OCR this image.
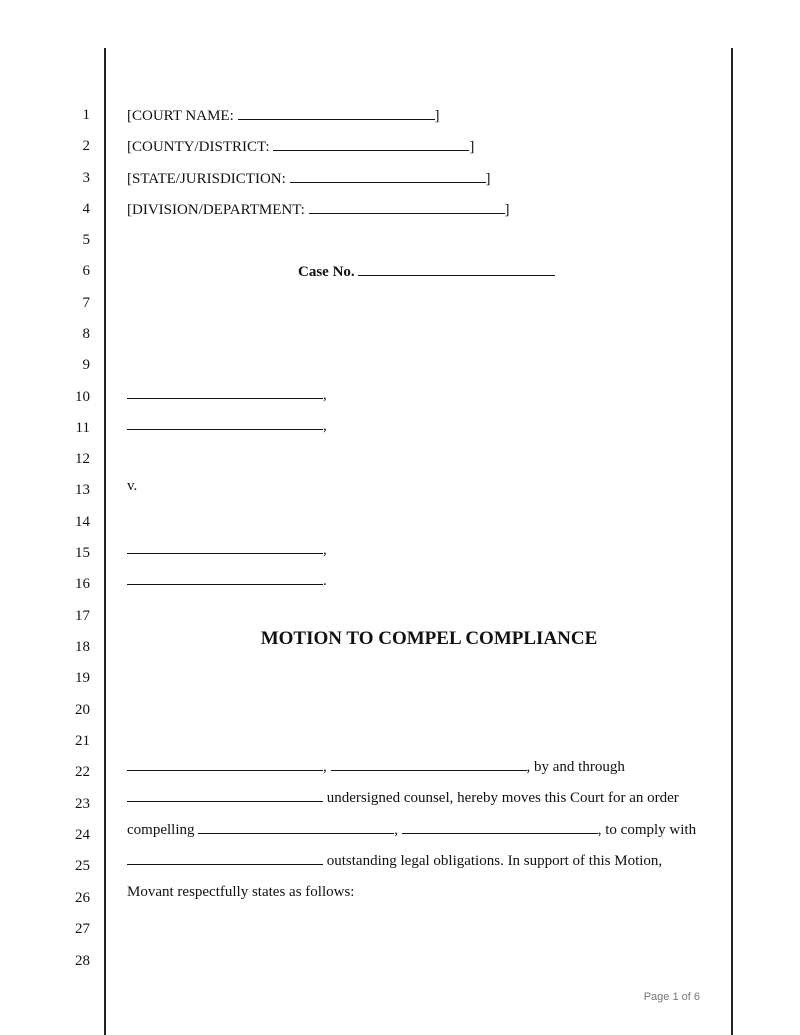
1
2
3
4
5
6
7
8
9
10
11
12
13
14
15
16
17
18
19
20
21
22
23
24
25
26
27
28
[COURT NAME:	]
[COUNTY/DISTRICT:	]
[STATE/JURISDICTION:	]
[DIVISION/DEPARTMENT:	]
Case No.
,
,
v.
,
.
MOTION TO COMPEL COMPLIANCE
,	, by and through
undersigned counsel, hereby moves this Court for an order
compelling	,	, to comply with
outstanding legal obligations. In support of this Motion,
Movant respectfully states as follows:
Page 1 of 6
